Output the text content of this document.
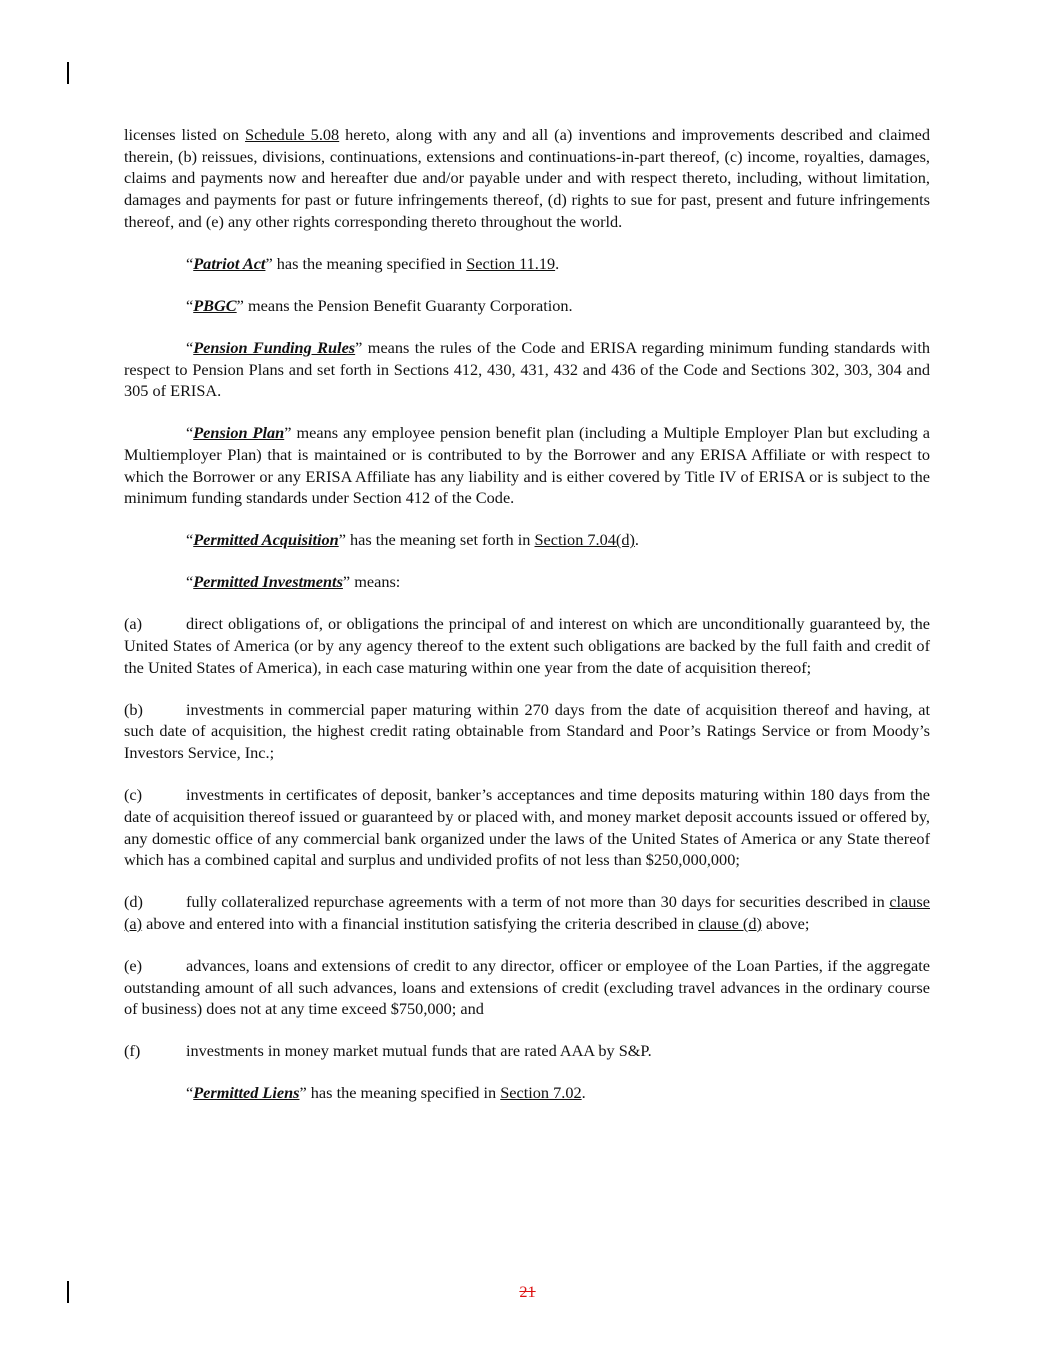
licenses listed on Schedule 5.08 hereto, along with any and all (a) inventions and improvements described and claimed therein, (b) reissues, divisions, continuations, extensions and continuations-in-part thereof, (c) income, royalties, damages, claims and payments now and hereafter due and/or payable under and with respect thereto, including, without limitation, damages and payments for past or future infringements thereof, (d) rights to sue for past, present and future infringements thereof, and (e) any other rights corresponding thereto throughout the world.

“Patriot Act” has the meaning specified in Section 11.19.

“PBGC” means the Pension Benefit Guaranty Corporation.

“Pension Funding Rules” means the rules of the Code and ERISA regarding minimum funding standards with respect to Pension Plans and set forth in Sections 412, 430, 431, 432 and 436 of the Code and Sections 302, 303, 304 and 305 of ERISA.

“Pension Plan” means any employee pension benefit plan (including a Multiple Employer Plan but excluding a Multiemployer Plan) that is maintained or is contributed to by the Borrower and any ERISA Affiliate or with respect to which the Borrower or any ERISA Affiliate has any liability and is either covered by Title IV of ERISA or is subject to the minimum funding standards under Section 412 of the Code.

“Permitted Acquisition” has the meaning set forth in Section 7.04(d).

“Permitted Investments” means:

(a)	direct obligations of, or obligations the principal of and interest on which are unconditionally guaranteed by, the United States of America (or by any agency thereof to the extent such obligations are backed by the full faith and credit of the United States of America), in each case maturing within one year from the date of acquisition thereof;

(b)	investments in commercial paper maturing within 270 days from the date of acquisition thereof and having, at such date of acquisition, the highest credit rating obtainable from Standard and Poor’s Ratings Service or from Moody’s Investors Service, Inc.;

(c)	investments in certificates of deposit, banker’s acceptances and time deposits maturing within 180 days from the date of acquisition thereof issued or guaranteed by or placed with, and money market deposit accounts issued or offered by, any domestic office of any commercial bank organized under the laws of the United States of America or any State thereof which has a combined capital and surplus and undivided profits of not less than $250,000,000;

(d)	fully collateralized repurchase agreements with a term of not more than 30 days for securities described in clause (a) above and entered into with a financial institution satisfying the criteria described in clause (d) above;

(e)	advances, loans and extensions of credit to any director, officer or employee of the Loan Parties, if the aggregate outstanding amount of all such advances, loans and extensions of credit (excluding travel advances in the ordinary course of business) does not at any time exceed $750,000; and

(f)	investments in money market mutual funds that are rated AAA by S&P.

“Permitted Liens” has the meaning specified in Section 7.02.

21
